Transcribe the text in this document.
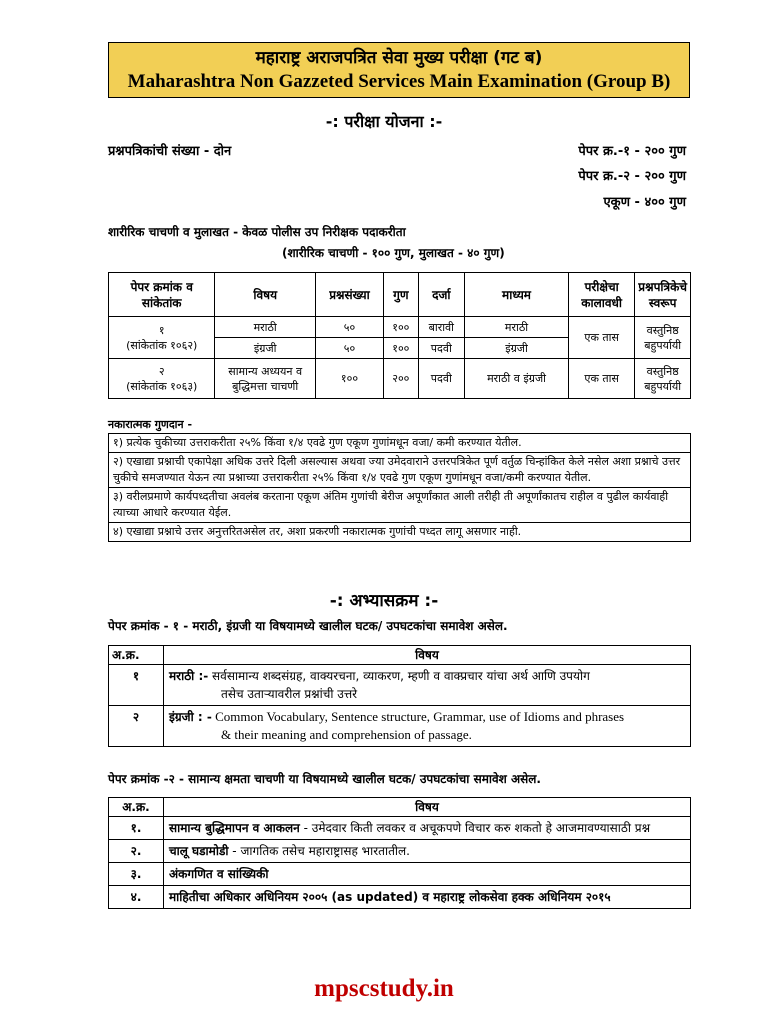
महाराष्ट्र अराजपत्रित सेवा मुख्य परीक्षा (गट ब)
Maharashtra Non Gazzeted Services Main Examination (Group B)
-: परीक्षा योजना :-
प्रश्नपत्रिकांची संख्या - दोन	पेपर क्र.-१ - २०० गुण
पेपर क्र.-२ - २०० गुण
एकूण - ४०० गुण
शारीरिक चाचणी व मुलाखत - केवळ पोलीस उप निरीक्षक पदाकरीता
(शारीरिक चाचणी - १०० गुण, मुलाखत - ४० गुण)
पेपर क्रमांक व सांकेतांक	विषय	प्रश्नसंख्या	गुण	दर्जा	माध्यम	परीक्षेचा कालावधी	प्रश्नपत्रिकेचे स्वरूप

१
(सांकेतांक १०६२)	मराठी	५०	१००	बारावी	मराठी	एक तास	वस्तुनिष्ठ बहुपर्यायी
	इंग्रजी	५०	१००	पदवी	इंग्रजी		

२
(सांकेतांक १०६३)	सामान्य अध्ययन व बुद्धिमत्ता चाचणी	१००	२००	पदवी	मराठी व इंग्रजी	एक तास	वस्तुनिष्ठ बहुपर्यायी
नकारात्मक गुणदान -
१) प्रत्येक चुकीच्या उत्तराकरीता २५% किंवा १/४ एवढे गुण एकूण गुणांमधून वजा/ कमी करण्यात येतील.
२) एखाद्या प्रश्नाची एकापेक्षा अधिक उत्तरे दिली असल्यास अथवा ज्या उमेदवाराने उत्तरपत्रिकेत पूर्ण वर्तुळ चिन्हांकित केले नसेल अशा प्रश्नाचे उत्तर चुकीचे समजण्यात येऊन त्या प्रश्नाच्या उत्तराकरीता २५% किंवा १/४ एवढे गुण एकूण गुणांमधून वजा/कमी करण्यात येतील.
३) वरीलप्रमाणे कार्यपध्दतीचा अवलंब करताना एकूण अंतिम गुणांची बेरीज अपूर्णांकात आली तरीही ती अपूर्णांकातच राहील व पुढील कार्यवाही त्याच्या आधारे करण्यात येईल.
४) एखाद्या प्रश्नाचे उत्तर अनुत्तरितअसेल तर, अशा प्रकरणी नकारात्मक गुणांची पध्दत लागू असणार नाही.
-: अभ्यासक्रम :-
पेपर क्रमांक - १ - मराठी, इंग्रजी या विषयामध्ये खालील घटक/ उपघटकांचा समावेश असेल.
अ.क्र.	विषय
१	मराठी :- सर्वसामान्य शब्दसंग्रह, वाक्यरचना, व्याकरण, म्हणी व वाक्प्रचार यांचा अर्थ आणि उपयोग
तसेच उताऱ्यावरील प्रश्नांची उत्तरे

२	इंग्रजी : - Common Vocabulary, Sentence structure, Grammar, use of Idioms and phrases
& their meaning and comprehension of passage.
पेपर क्रमांक -२ - सामान्य क्षमता चाचणी या विषयामध्ये खालील घटक/ उपघटकांचा समावेश असेल.
अ.क्र.	विषय
१.	सामान्य बुद्धिमापन व आकलन - उमेदवार किती लवकर व अचूकपणे विचार करु शकतो हे आजमावण्यासाठी प्रश्न
२.	चालू घडामोडी - जागतिक तसेच महाराष्ट्रासह भारतातील.
३.	अंकगणित व सांख्यिकी
४.	माहितीचा अधिकार अधिनियम २००५ (as updated) व महाराष्ट्र लोकसेवा हक्क अधिनियम २०१५
mpscstudy.in
